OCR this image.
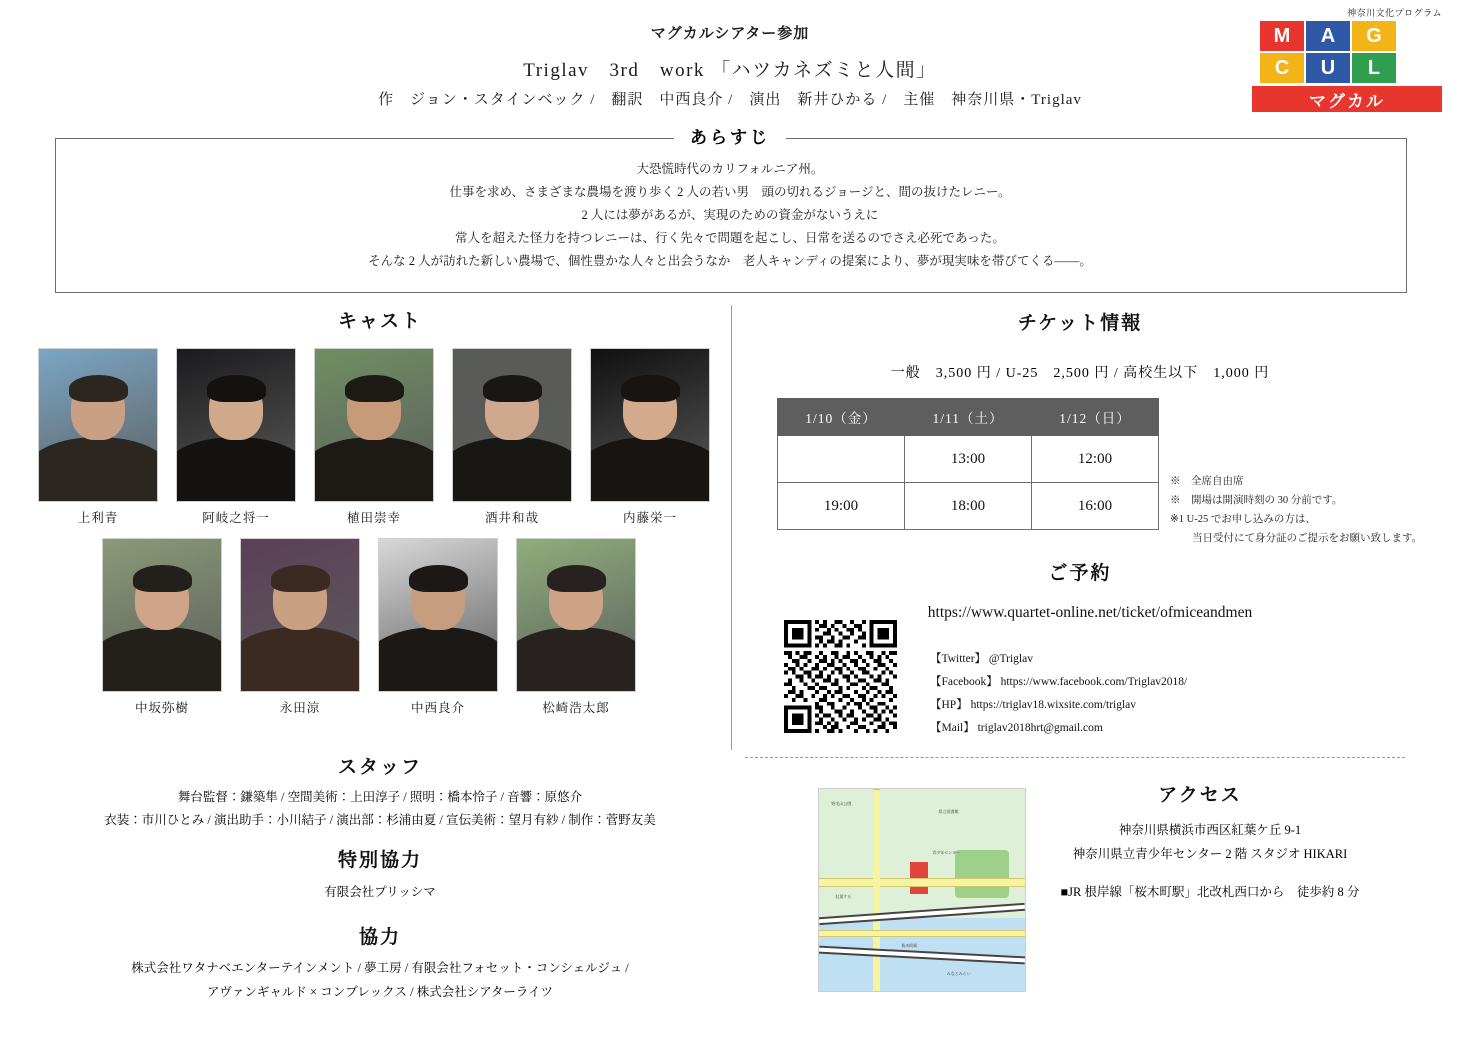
マグカルシアター参加
Triglav　3rd　work 「ハツカネズミと人間」
作　ジョン・スタインベック /　翻訳　中西良介 /　演出　新井ひかる /　主催　神奈川県・Triglav
神奈川文化プログラム
M	A	G
C	U	L
マグカル
あらすじ
大恐慌時代のカリフォルニア州。
仕事を求め、さまざまな農場を渡り歩く 2 人の若い男　頭の切れるジョージと、間の抜けたレニー。
2 人には夢があるが、実現のための資金がないうえに
常人を超えた怪力を持つレニーは、行く先々で問題を起こし、日常を送るのでさえ必死であった。
そんな 2 人が訪れた新しい農場で、個性豊かな人々と出会うなか　老人キャンディの提案により、夢が現実味を帯びてくる——。
キャスト
上利青	阿岐之将一	植田崇幸	酒井和哉	内藤栄一
中坂弥樹	永田涼	中西良介	松崎浩太郎
スタッフ
舞台監督：鎌築隼 / 空間美術：上田淳子 / 照明：橋本怜子 / 音響：原悠介
衣装：市川ひとみ / 演出助手：小川結子 / 演出部：杉浦由夏 / 宣伝美術：望月有紗 / 制作：菅野友美
特別協力
有限会社プリッシマ
協力
株式会社ワタナベエンターテインメント / 夢工房 / 有限会社フォセット・コンシェルジュ /
アヴァンギャルド × コンプレックス / 株式会社シアターライツ
チケット情報
一般　3,500 円 / U-25　2,500 円 / 高校生以下　1,000 円
1/10（金）	1/11（土）	1/12（日）
	13:00	12:00
19:00	18:00	16:00
※　全席自由席
※　開場は開演時刻の 30 分前です。
※1 U-25 でお申し込みの方は、
当日受付にて身分証のご提示をお願い致します。
ご予約
https://www.quartet-online.net/ticket/ofmiceandmen
【Twitter】 @Triglav
【Facebook】 https://www.facebook.com/Triglav2018/
【HP】 https://triglav18.wixsite.com/triglav
【Mail】 triglav2018hrt@gmail.com
アクセス
神奈川県横浜市西区紅葉ケ丘 9-1
神奈川県立青少年センター 2 階 スタジオ HIKARI
■JR 根岸線「桜木町駅」北改札西口から　徒歩約 8 分
野毛山公園
県立図書館
青少年センター
桜木町駅
紅葉ケ丘
みなとみらい
